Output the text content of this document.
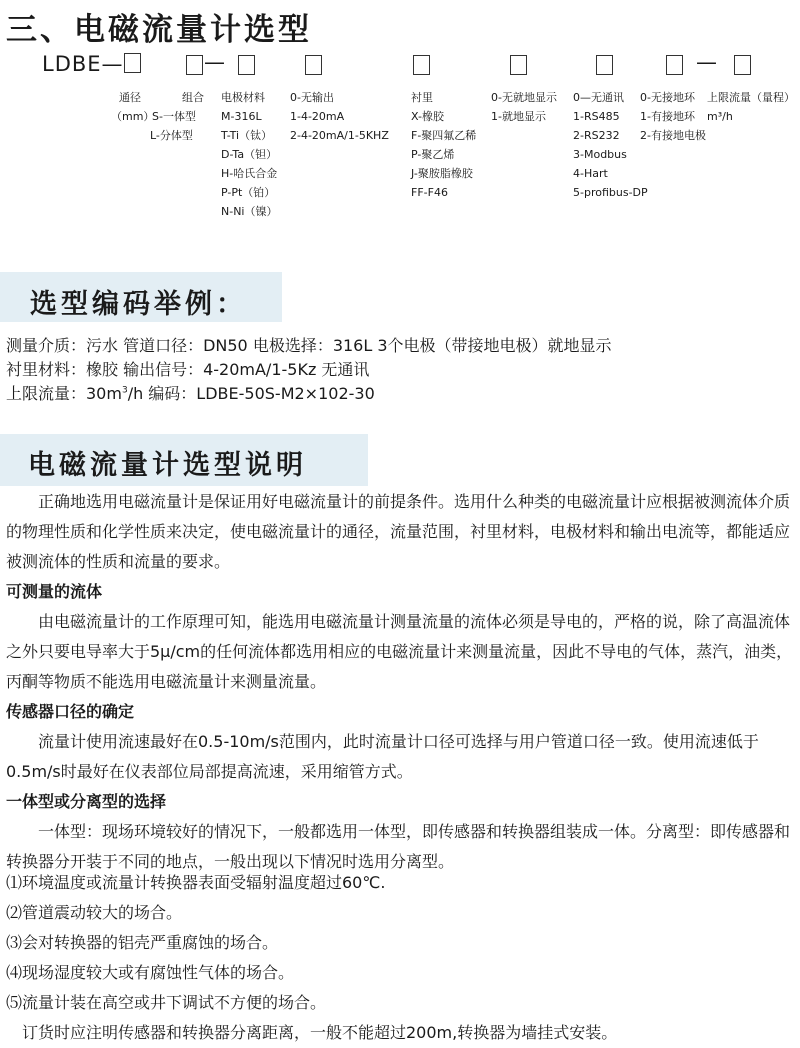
三、电磁流量计选型
LDBE—	—	—
通径
（mm）
组合
S-一体型
L-分体型
电极材料
M-316L
T-Ti（钛）
D-Ta（钽）
H-哈氏合金
P-Pt（铂）
N-Ni（镍）
0-无输出
1-4-20mA
2-4-20mA/1-5KHZ
衬里
X-橡胶
F-聚四氟乙稀
P-聚乙烯
J-聚胺脂橡胶
FF-F46
0-无就地显示
1-就地显示
0—无通讯
1-RS485
2-RS232
3-Modbus
4-Hart
5-profibus-DP
0-无接地环
1-有接地环
2-有接地电极
上限流量（量程）
m³/h
选型编码举例：
测量介质：污水 管道口径：DN50 电极选择：316L 3个电极（带接地电极）就地显示
衬里材料：橡胶 输出信号：4-20mA/1-5Kz 无通讯
上限流量：$30m^3/h$ 编码：LDBE-50S-M2×102-30
电磁流量计选型说明

　　正确地选用电磁流量计是保证用好电磁流量计的前提条件。选用什么种类的电磁流量计应根据被测流体介质的物理性质和化学性质来决定，使电磁流量计的通径，流量范围，衬里材料，电极材料和输出电流等，都能适应被测流体的性质和流量的要求。

可测量的流体

　　由电磁流量计的工作原理可知，能选用电磁流量计测量流量的流体必须是导电的，严格的说，除了高温流体之外只要电导率大于5μ/cm的任何流体都选用相应的电磁流量计来测量流量，因此不导电的气体，蒸汽，油类，丙酮等物质不能选用电磁流量计来测量流量。

传感器口径的确定

　　流量计使用流速最好在0.5-10m/s范围内，此时流量计口径可选择与用户管道口径一致。使用流速低于0.5m/s时最好在仪表部位局部提高流速，采用缩管方式。

一体型或分离型的选择

　　一体型：现场环境较好的情况下，一般都选用一体型，即传感器和转换器组装成一体。分离型：即传感器和转换器分开装于不同的地点，一般出现以下情况时选用分离型。

⑴环境温度或流量计转换器表面受辐射温度超过60℃.
⑵管道震动较大的场合。
⑶会对转换器的铝壳严重腐蚀的场合。
⑷现场湿度较大或有腐蚀性气体的场合。
⑸流量计装在高空或井下调试不方便的场合。
　订货时应注明传感器和转换器分离距离，一般不能超过200m,转换器为墙挂式安装。
